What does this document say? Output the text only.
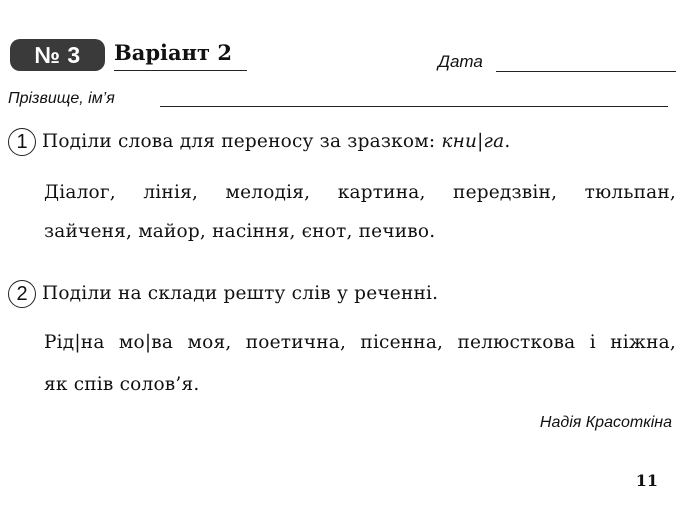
№ 3	Варіант 2	Дата
Прізвище, ім’я
1 Поділи слова для переносу за зразком: кни|га.
Діалог, лінія, мелодія, картина, передзвін, тюльпан,
зайченя, майор, насіння, єнот, печиво.
2 Поділи на склади решту слів у реченні.
Рід|на мо|ва моя, поетична, пісенна, пелюсткова і ніжна,
як спів солов’я.
Надія Красоткіна
11
